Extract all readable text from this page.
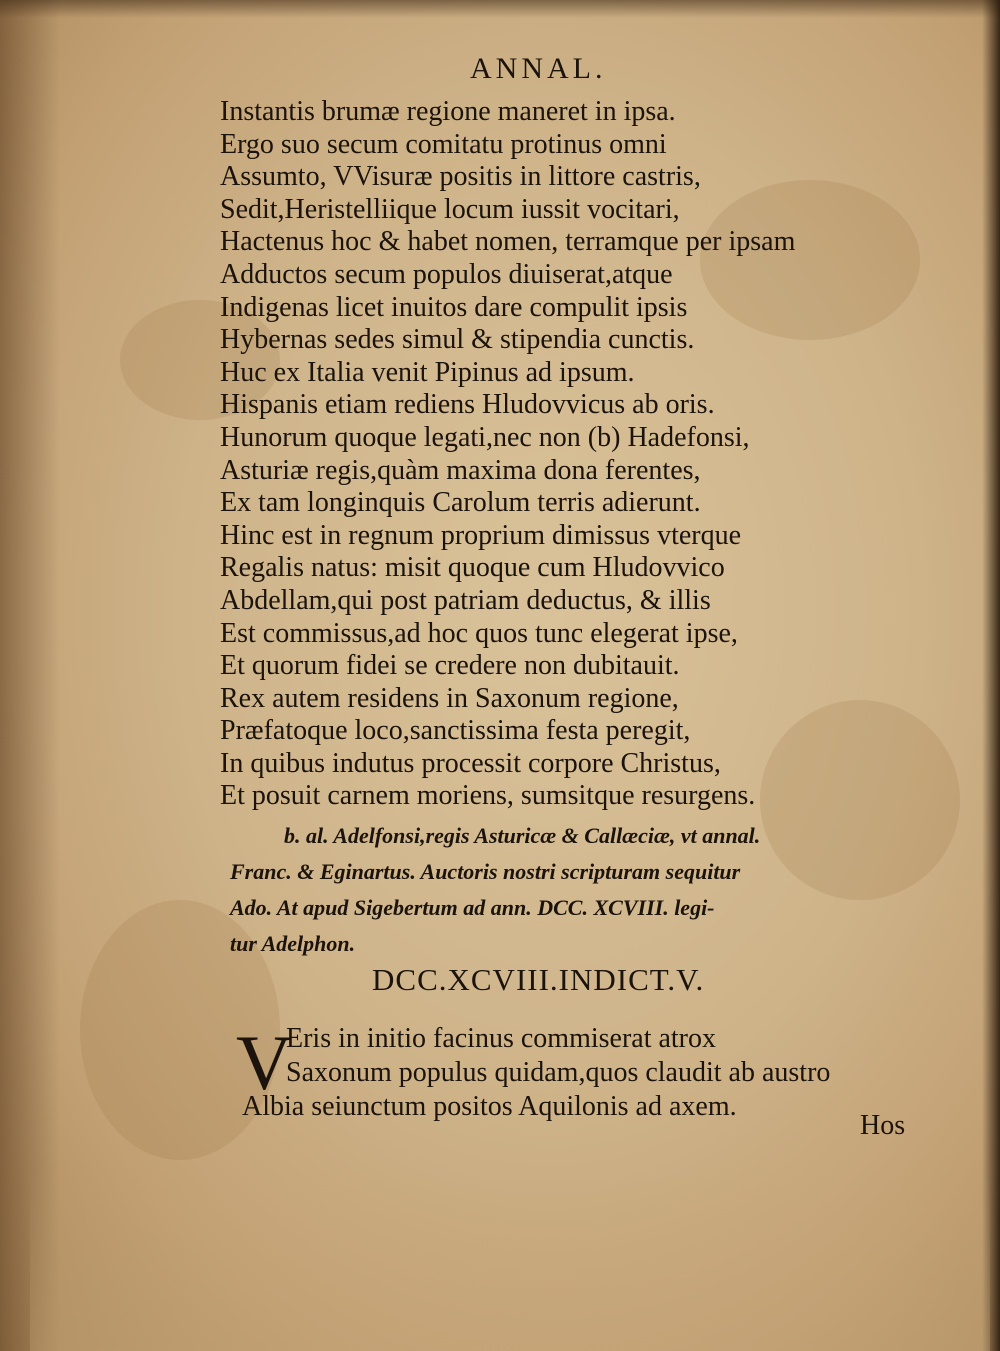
ANNAL.
Instantis brumæ regione maneret in ipsa.
Ergo suo secum comitatu protinus omni
Assumto, VVisuræ positis in littore castris,
Sedit,Heristelliique locum iussit vocitari,
Hactenus hoc & habet nomen, terramque per ipsam
Adductos secum populos diuiserat,atque
Indigenas licet inuitos dare compulit ipsis
Hybernas sedes simul & stipendia cunctis.
Huc ex Italia venit Pipinus ad ipsum.
Hispanis etiam rediens Hludovvicus ab oris.
Hunorum quoque legati,nec non (b) Hadefonsi,
Asturiæ regis,quàm maxima dona ferentes,
Ex tam longinquis Carolum terris adierunt.
Hinc est in regnum proprium dimissus vterque
Regalis natus: misit quoque cum Hludovvico
Abdellam,qui post patriam deductus, & illis
Est commissus,ad hoc quos tunc elegerat ipse,
Et quorum fidei se credere non dubitauit.
Rex autem residens in Saxonum regione,
Præfatoque loco,sanctissima festa peregit,
In quibus indutus processit corpore Christus,
Et posuit carnem moriens, sumsitque resurgens.
b. al. Adelfonsi,regis Asturicæ & Callæciæ, vt annal.
Franc. & Eginartus. Auctoris nostri scripturam sequitur
Ado. At apud Sigebertum ad ann. DCC. XCVIII. legi-
tur Adelphon.
DCC.XCVIII.INDICT.V.
V
Eris in initio facinus commiserat atrox
Saxonum populus quidam,quos claudit ab austro
Albia seiunctum positos Aquilonis ad axem.
Hos
